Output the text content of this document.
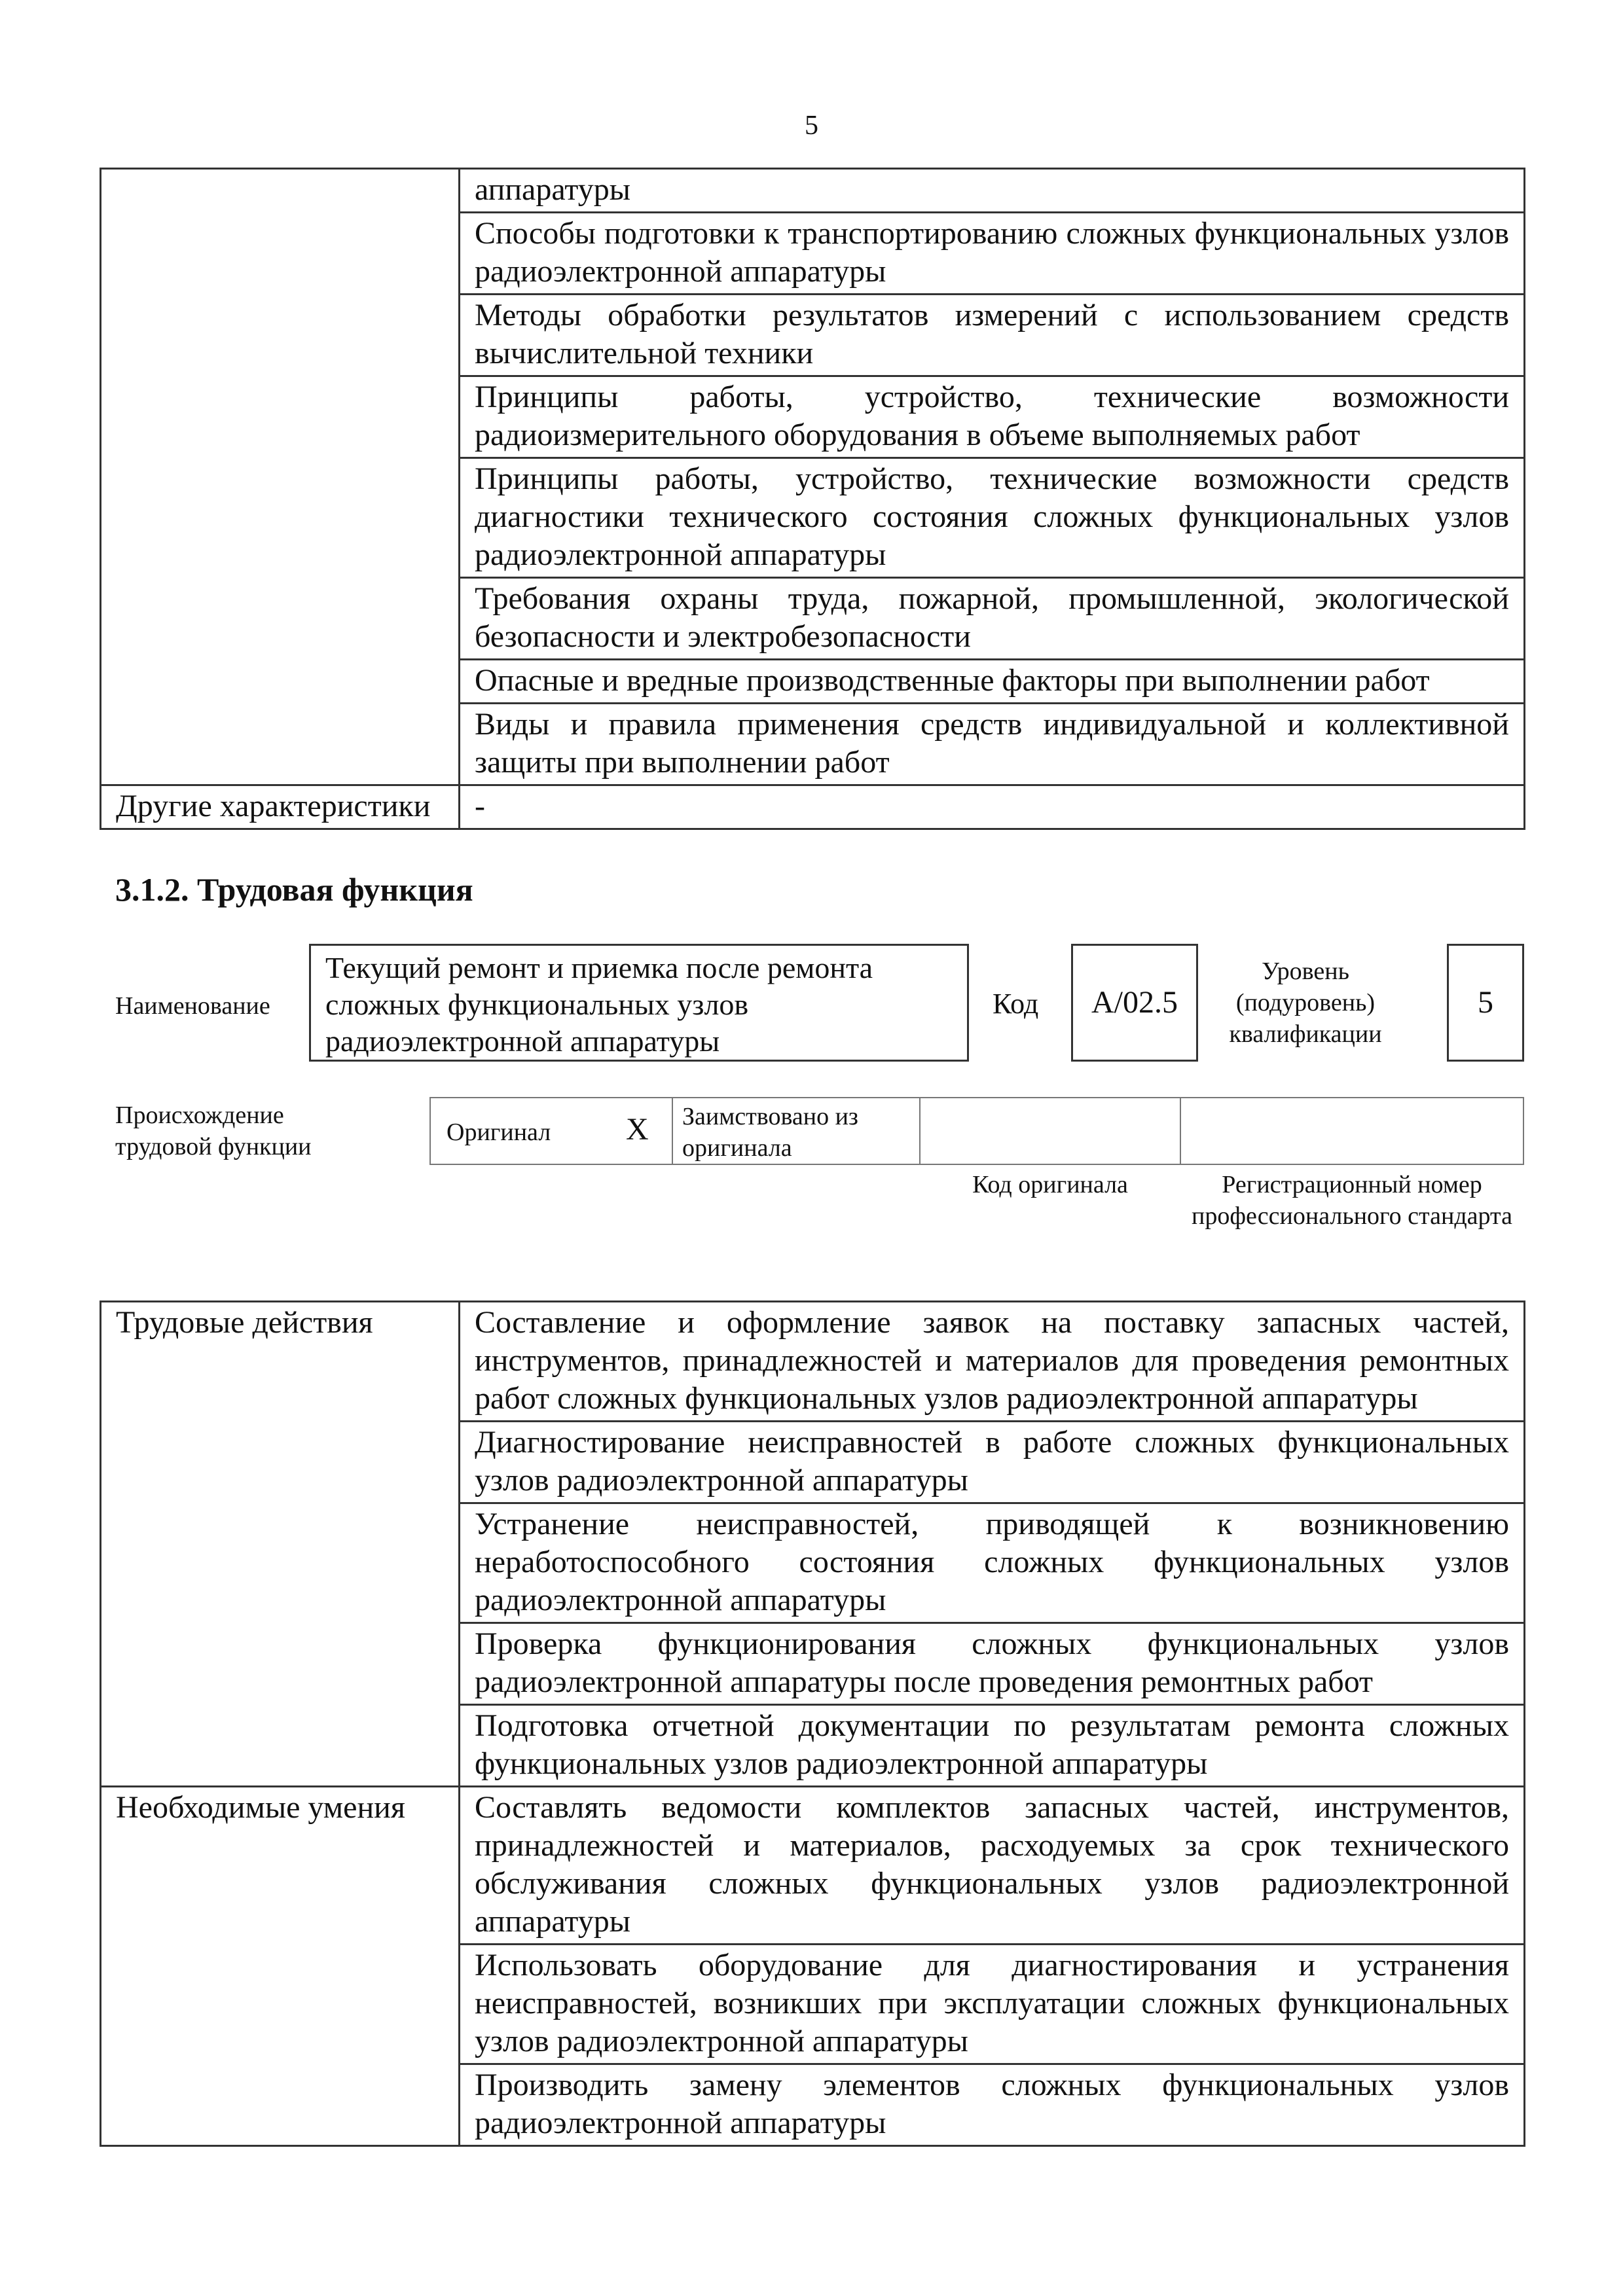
5
	аппаратуры
	Способы подготовки к транспортированию сложных функциональных узлов радиоэлектронной аппаратуры
	Методы обработки результатов измерений с использованием средств вычислительной техники
	Принципы работы, устройство, технические возможности радиоизмерительного оборудования в объеме выполняемых работ
	Принципы работы, устройство, технические возможности средств диагностики технического состояния сложных функциональных узлов радиоэлектронной аппаратуры
	Требования охраны труда, пожарной, промышленной, экологической безопасности и электробезопасности
	Опасные и вредные производственные факторы при выполнении работ
	Виды и правила применения средств индивидуальной и коллективной защиты при выполнении работ
Другие характеристики	-
3.1.2. Трудовая функция
Наименование
Текущий ремонт и приемка после ремонта сложных функциональных узлов радиоэлектронной аппаратуры
Код	А/02.5
Уровень (подуровень) квалификации
5
Происхождение трудовой функции
Оригинал X	Заимствовано из оригинала
Код оригинала	Регистрационный номер профессионального стандарта
Трудовые действия	Составление и оформление заявок на поставку запасных частей, инструментов, принадлежностей и материалов для проведения ремонтных работ сложных функциональных узлов радиоэлектронной аппаратуры
	Диагностирование неисправностей в работе сложных функциональных узлов радиоэлектронной аппаратуры
	Устранение неисправностей, приводящей к возникновению неработоспособного состояния сложных функциональных узлов радиоэлектронной аппаратуры
	Проверка функционирования сложных функциональных узлов радиоэлектронной аппаратуры после проведения ремонтных работ
	Подготовка отчетной документации по результатам ремонта сложных функциональных узлов радиоэлектронной аппаратуры
Необходимые умения	Составлять ведомости комплектов запасных частей, инструментов, принадлежностей и материалов, расходуемых за срок технического обслуживания сложных функциональных узлов радиоэлектронной аппаратуры
	Использовать оборудование для диагностирования и устранения неисправностей, возникших при эксплуатации сложных функциональных узлов радиоэлектронной аппаратуры
	Производить замену элементов сложных функциональных узлов радиоэлектронной аппаратуры
